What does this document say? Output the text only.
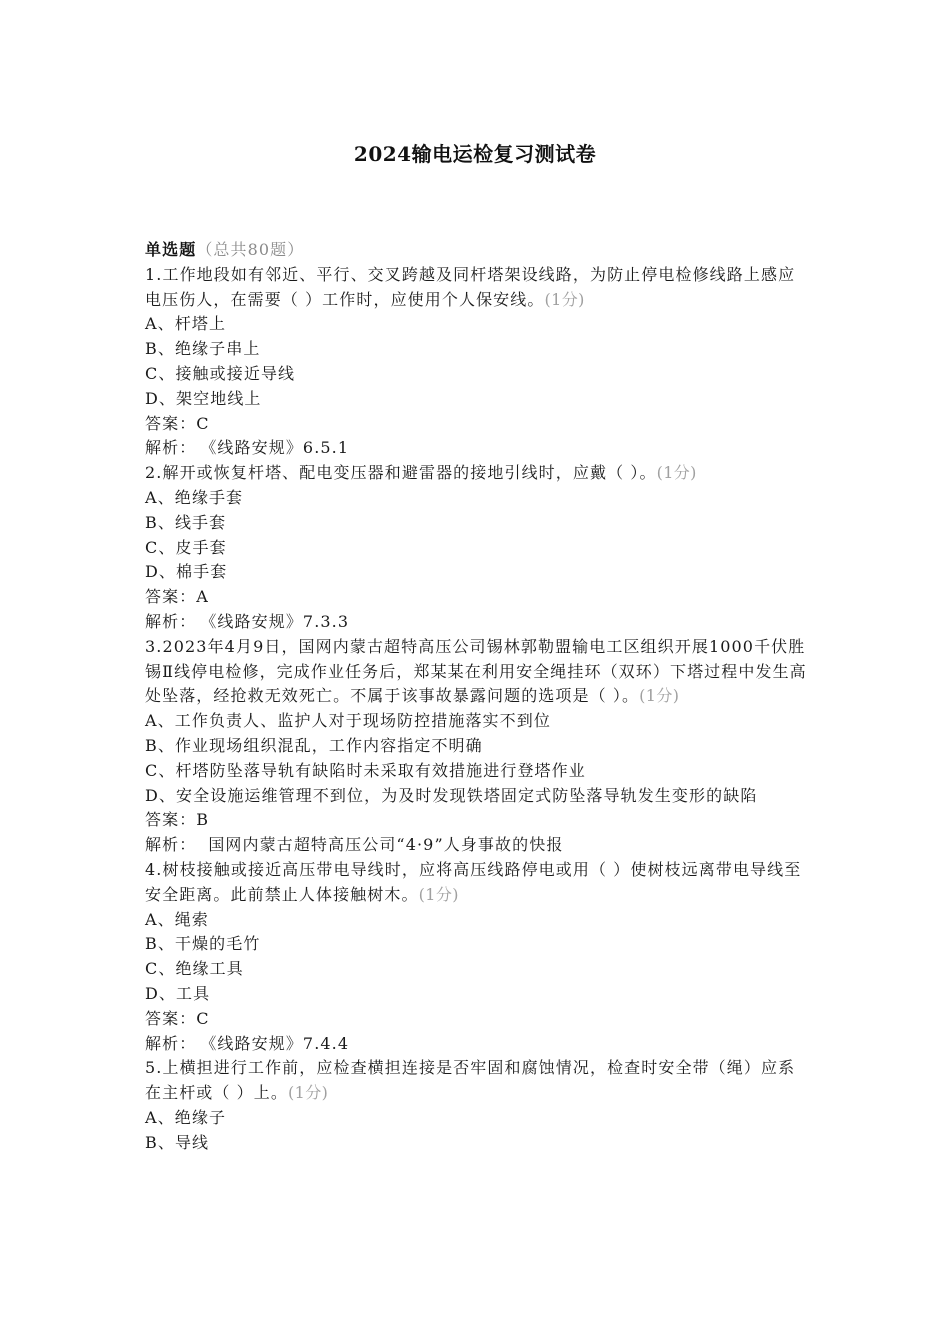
2024输电运检复习测试卷
单选题（总共80题）
1.工作地段如有邻近、平行、交叉跨越及同杆塔架设线路，为防止停电检修线路上感应电压伤人，在需要（ ）工作时，应使用个人保安线。(1分)
A、杆塔上
B、绝缘子串上
C、接触或接近导线
D、架空地线上
答案：C
解析： 《线路安规》6.5.1
2.解开或恢复杆塔、配电变压器和避雷器的接地引线时，应戴（ ）。(1分)
A、绝缘手套
B、线手套
C、皮手套
D、棉手套
答案：A
解析： 《线路安规》7.3.3
3.2023年4月9日，国网内蒙古超特高压公司锡林郭勒盟输电工区组织开展1000千伏胜锡Ⅱ线停电检修，完成作业任务后，郑某某在利用安全绳挂环（双环）下塔过程中发生高处坠落，经抢救无效死亡。不属于该事故暴露问题的选项是（ ）。(1分)
A、工作负责人、监护人对于现场防控措施落实不到位
B、作业现场组织混乱，工作内容指定不明确
C、杆塔防坠落导轨有缺陷时未采取有效措施进行登塔作业
D、安全设施运维管理不到位，为及时发现铁塔固定式防坠落导轨发生变形的缺陷
答案：B
解析： 国网内蒙古超特高压公司“4·9”人身事故的快报
4.树枝接触或接近高压带电导线时，应将高压线路停电或用（ ）使树枝远离带电导线至安全距离。此前禁止人体接触树木。(1分)
A、绳索
B、干燥的毛竹
C、绝缘工具
D、工具
答案：C
解析： 《线路安规》7.4.4
5.上横担进行工作前，应检查横担连接是否牢固和腐蚀情况，检查时安全带（绳）应系在主杆或（ ）上。(1分)
A、绝缘子
B、导线
